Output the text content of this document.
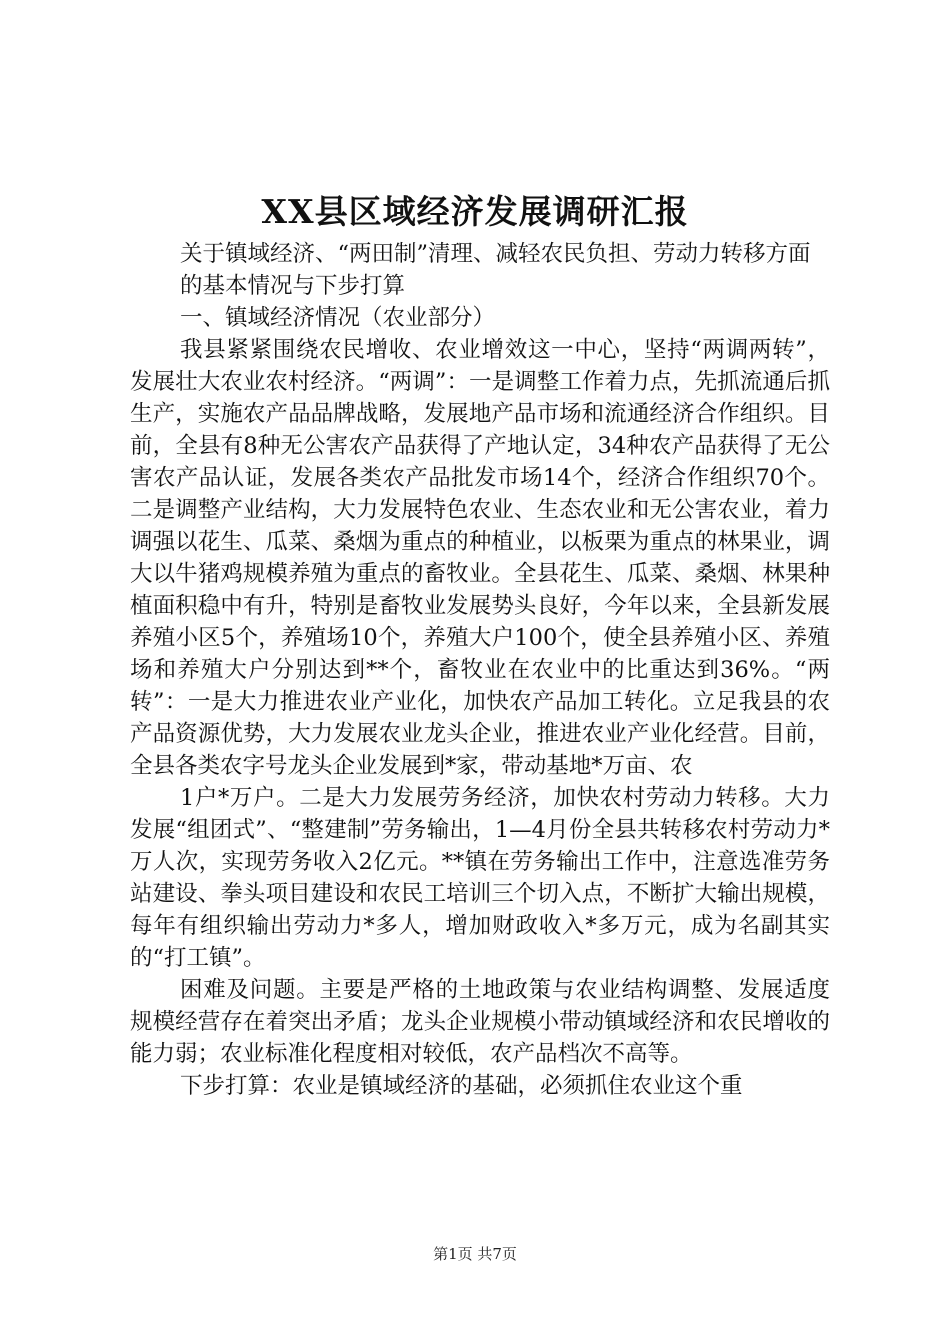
XX县区域经济发展调研汇报

关于镇域经济、“两田制”清理、减轻农民负担、劳动力转移方面

的基本情况与下步打算

一、镇域经济情况（农业部分）

我县紧紧围绕农民增收、农业增效这一中心，坚持“两调两转”，发展壮大农业农村经济。“两调”：一是调整工作着力点，先抓流通后抓生产，实施农产品品牌战略，发展地产品市场和流通经济合作组织。目前，全县有8种无公害农产品获得了产地认定，34种农产品获得了无公害农产品认证，发展各类农产品批发市场14个，经济合作组织70个。二是调整产业结构，大力发展特色农业、生态农业和无公害农业，着力调强以花生、瓜菜、桑烟为重点的种植业，以板栗为重点的林果业，调大以牛猪鸡规模养殖为重点的畜牧业。全县花生、瓜菜、桑烟、林果种植面积稳中有升，特别是畜牧业发展势头良好，今年以来，全县新发展养殖小区5个，养殖场10个，养殖大户100个，使全县养殖小区、养殖场和养殖大户分别达到**个，畜牧业在农业中的比重达到36%。“两转”：一是大力推进农业产业化，加快农产品加工转化。立足我县的农产品资源优势，大力发展农业龙头企业，推进农业产业化经营。目前，全县各类农字号龙头企业发展到*家，带动基地*万亩、农

1户*万户。二是大力发展劳务经济，加快农村劳动力转移。大力发展“组团式”、“整建制”劳务输出，1—4月份全县共转移农村劳动力*万人次，实现劳务收入2亿元。**镇在劳务输出工作中，注意选准劳务站建设、拳头项目建设和农民工培训三个切入点，不断扩大输出规模，每年有组织输出劳动力*多人，增加财政收入*多万元，成为名副其实的“打工镇”。

困难及问题。主要是严格的土地政策与农业结构调整、发展适度规模经营存在着突出矛盾；龙头企业规模小带动镇域经济和农民增收的能力弱；农业标准化程度相对较低，农产品档次不高等。

下步打算：农业是镇域经济的基础，必须抓住农业这个重

第1页 共7页
